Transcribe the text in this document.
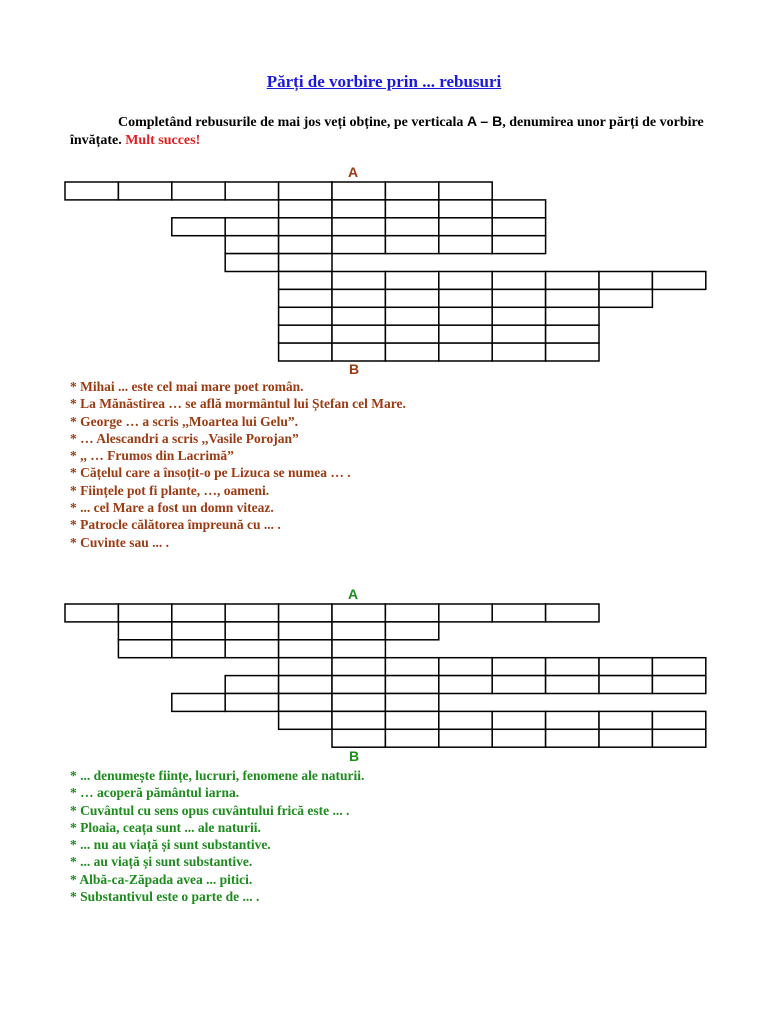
Părți de vorbire prin ... rebusuri
Completând rebusurile de mai jos veți obține, pe verticala A – B, denumirea unor părți de vorbire învățate. Mult succes!
A
B
* Mihai ... este cel mai mare poet român.
* La Mănăstirea … se află mormântul lui Ștefan cel Mare.
* George … a scris ,,Moartea lui Gelu”.
* … Alescandri a scris ,,Vasile Porojan”
* ,, … Frumos din Lacrimă”
* Cățelul care a însoțit-o pe Lizuca se numea … .
* Ființele pot fi plante, …, oameni.
* ... cel Mare a fost un domn viteaz.
* Patrocle călătorea împreună cu ... .
* Cuvinte sau ... .
A
B
* ... denumește ființe, lucruri, fenomene ale naturii.
* … acoperă pământul iarna.
* Cuvântul cu sens opus cuvântului frică este ... .
* Ploaia, ceața sunt ... ale naturii.
* ... nu au viață și sunt substantive.
* ... au viață și sunt substantive.
* Albă-ca-Zăpada avea ... pitici.
* Substantivul este o parte de ... .
